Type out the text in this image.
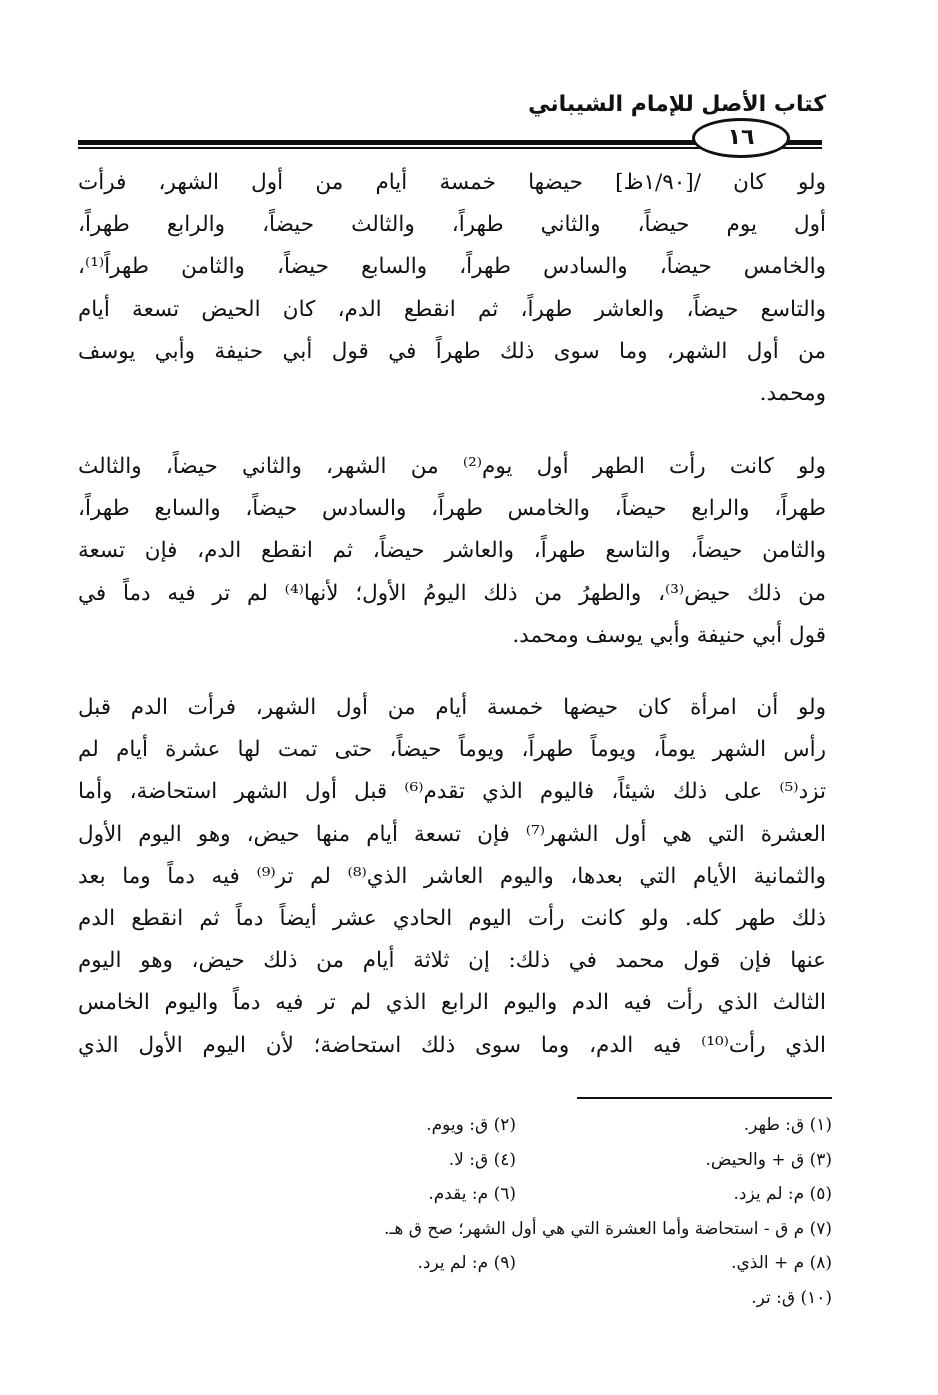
كتاب الأصل للإمام الشيباني
١٦
ولو كان /[١/٩٠ظ] حيضها خمسة أيام من أول الشهر، فرأت
أول يوم حيضاً، والثاني طهراً، والثالث حيضاً، والرابع طهراً،
والخامس حيضاً، والسادس طهراً، والسابع حيضاً، والثامن طهراً⁽¹⁾،
والتاسع حيضاً، والعاشر طهراً، ثم انقطع الدم، كان الحيض تسعة أيام
من أول الشهر، وما سوى ذلك طهراً في قول أبي حنيفة وأبي يوسف
ومحمد.
ولو كانت رأت الطهر أول يوم⁽²⁾ من الشهر، والثاني حيضاً، والثالث
طهراً، والرابع حيضاً، والخامس طهراً، والسادس حيضاً، والسابع طهراً،
والثامن حيضاً، والتاسع طهراً، والعاشر حيضاً، ثم انقطع الدم، فإن تسعة
من ذلك حيض⁽³⁾، والطهرُ من ذلك اليومُ الأول؛ لأنها⁽⁴⁾ لم تر فيه دماً في
قول أبي حنيفة وأبي يوسف ومحمد.
ولو أن امرأة كان حيضها خمسة أيام من أول الشهر، فرأت الدم قبل
رأس الشهر يوماً، ويوماً طهراً، ويوماً حيضاً، حتى تمت لها عشرة أيام لم
تزد⁽⁵⁾ على ذلك شيئاً، فاليوم الذي تقدم⁽⁶⁾ قبل أول الشهر استحاضة، وأما
العشرة التي هي أول الشهر⁽⁷⁾ فإن تسعة أيام منها حيض، وهو اليوم الأول
والثمانية الأيام التي بعدها، واليوم العاشر الذي⁽⁸⁾ لم تر⁽⁹⁾ فيه دماً وما بعد
ذلك طهر كله. ولو كانت رأت اليوم الحادي عشر أيضاً دماً ثم انقطع الدم
عنها فإن قول محمد في ذلك: إن ثلاثة أيام من ذلك حيض، وهو اليوم
الثالث الذي رأت فيه الدم واليوم الرابع الذي لم تر فيه دماً واليوم الخامس
الذي رأت⁽¹⁰⁾ فيه الدم، وما سوى ذلك استحاضة؛ لأن اليوم الأول الذي
(١) ق: طهر.
(٢) ق: ويوم.
(٣) ق + والحيض.
(٤) ق: لا.
(٥) م: لم يزد.
(٦) م: يقدم.
(٧) م ق - استحاضة وأما العشرة التي هي أول الشهر؛ صح ق هـ.
(٨) م + الذي.
(٩) م: لم يرد.
(١٠) ق: تر.
